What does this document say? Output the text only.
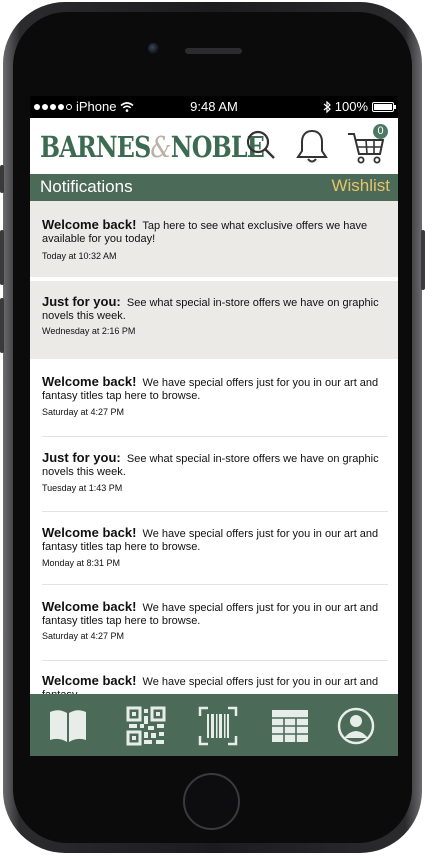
iPhone	9:48 AM	100%
BARNES&NOBLE	0
Notifications	Wishlist
Welcome back! Tap here to see what exclusive offers we have available for you today!
Today at 10:32 AM
Just for you: See what special in-store offers we have on graphic novels this week.
Wednesday at 2:16 PM
Welcome back! We have special offers just for you in our art and fantasy titles tap here to browse.
Saturday at 4:27 PM
Just for you: See what special in-store offers we have on graphic novels this week.
Tuesday at 1:43 PM
Welcome back! We have special offers just for you in our art and fantasy titles tap here to browse.
Monday at 8:31 PM
Welcome back! We have special offers just for you in our art and fantasy titles tap here to browse.
Saturday at 4:27 PM
Welcome back! We have special offers just for you in our art and
